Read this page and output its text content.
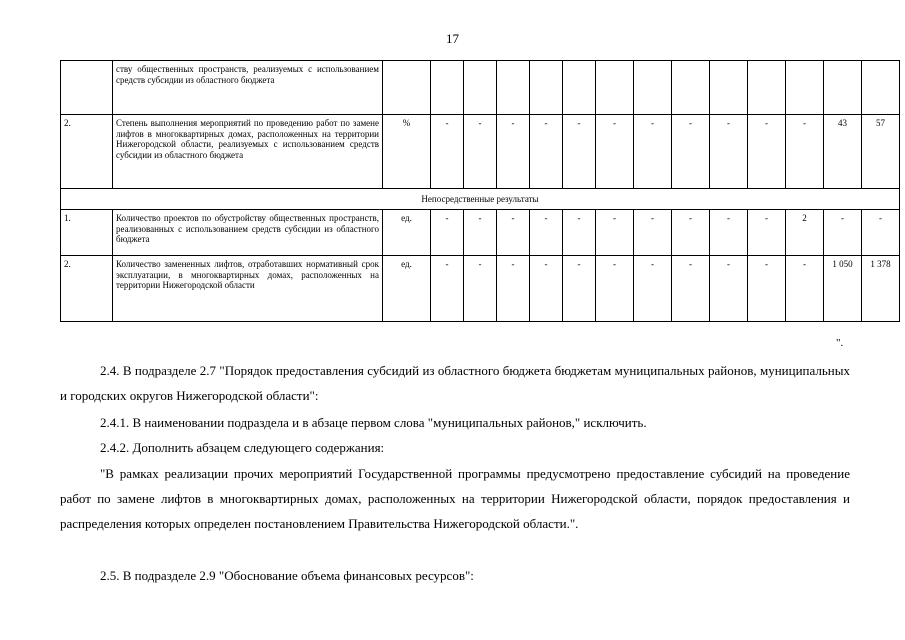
17
	ству общественных пространств, реализуемых с использованием средств субсидии из областного бюджета														
2.	Степень выполнения мероприятий по проведению работ по замене лифтов в многоквартирных домах, расположенных на территории Нижегородской области, реализуемых с использованием средств субсидии из областного бюджета	%	-	-	-	-	-	-	-	-	-	-	-	43	57
Непосредственные результаты															
1.	Количество проектов по обустройству общественных пространств, реализованных с использованием средств субсидии из областного бюджета	ед.	-	-	-	-	-	-	-	-	-	-	2	-	-
2.	Количество замененных лифтов, отработавших нормативный срок эксплуатации, в многоквартирных домах, расположенных на территории Нижегородской области	ед.	-	-	-	-	-	-	-	-	-	-	-	1 050	1 378
".
2.4. В подразделе 2.7 "Порядок предоставления субсидий из областного бюджета бюджетам муниципальных районов, муниципальных и городских округов Нижегородской области":
2.4.1. В наименовании подраздела и в абзаце первом слова "муниципальных районов," исключить.
2.4.2. Дополнить абзацем следующего содержания:
"В рамках реализации прочих мероприятий Государственной программы предусмотрено предоставление субсидий на проведение работ по замене лифтов в многоквартирных домах, расположенных на территории Нижегородской области, порядок предоставления и распределения которых определен постановлением Правительства Нижегородской области.".
2.5. В подразделе 2.9 "Обоснование объема финансовых ресурсов":
